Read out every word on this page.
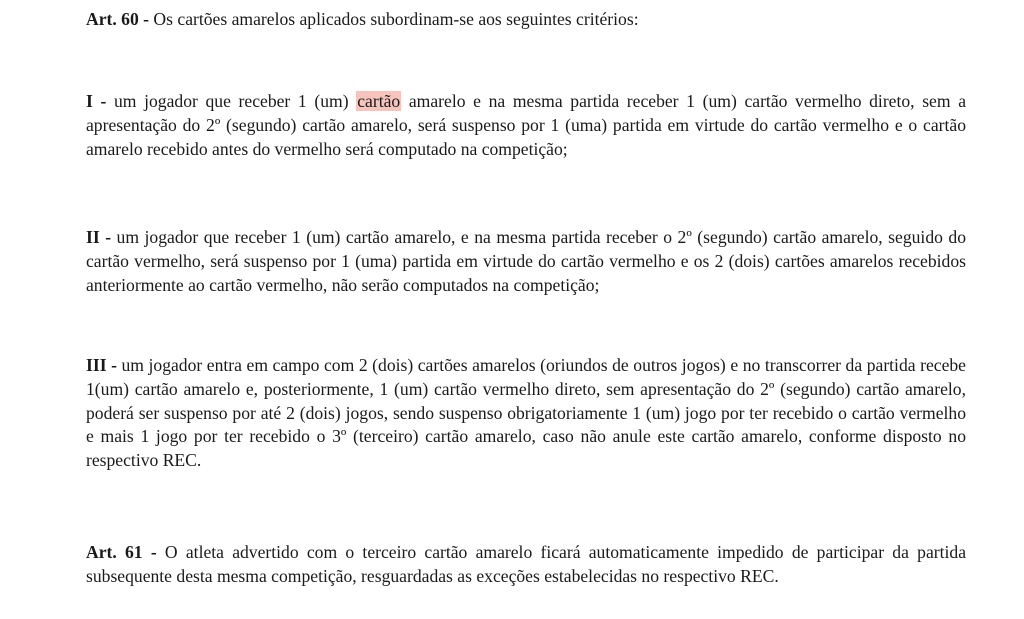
Art. 60 - Os cartões amarelos aplicados subordinam-se aos seguintes critérios:

I - um jogador que receber 1 (um) cartão amarelo e na mesma partida receber 1 (um) cartão vermelho direto, sem a apresentação do 2º (segundo) cartão amarelo, será suspenso por 1 (uma) partida em virtude do cartão vermelho e o cartão amarelo recebido antes do vermelho será computado na competição;

II - um jogador que receber 1 (um) cartão amarelo, e na mesma partida receber o 2º (segundo) cartão amarelo, seguido do cartão vermelho, será suspenso por 1 (uma) partida em virtude do cartão vermelho e os 2 (dois) cartões amarelos recebidos anteriormente ao cartão vermelho, não serão computados na competição;

III - um jogador entra em campo com 2 (dois) cartões amarelos (oriundos de outros jogos) e no transcorrer da partida recebe 1(um) cartão amarelo e, posteriormente, 1 (um) cartão vermelho direto, sem apresentação do 2º (segundo) cartão amarelo, poderá ser suspenso por até 2 (dois) jogos, sendo suspenso obrigatoriamente 1 (um) jogo por ter recebido o cartão vermelho e mais 1 jogo por ter recebido o 3º (terceiro) cartão amarelo, caso não anule este cartão amarelo, conforme disposto no respectivo REC.

Art. 61 - O atleta advertido com o terceiro cartão amarelo ficará automaticamente impedido de participar da partida subsequente desta mesma competição, resguardadas as exceções estabelecidas no respectivo REC.
